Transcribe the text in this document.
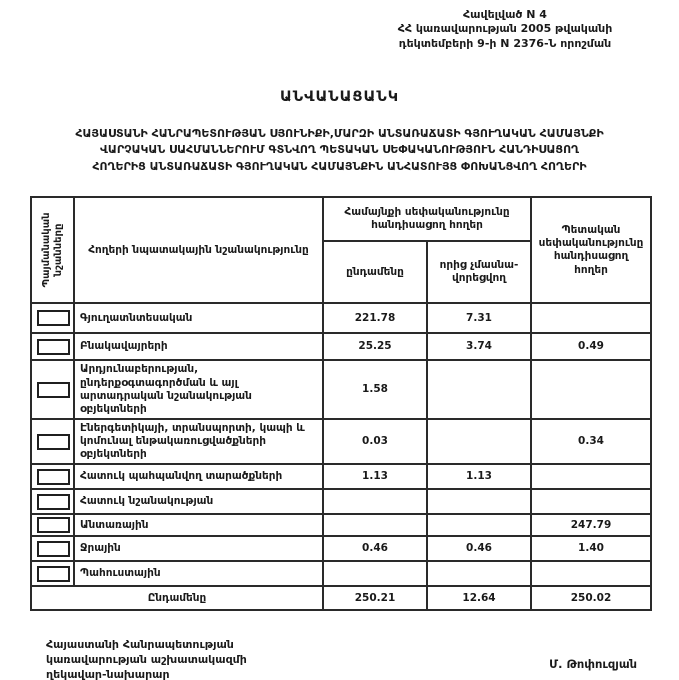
Հավելված N 4
ՀՀ կառավարության 2005 թվականի
դեկտեմբերի 9-ի N 2376-Ն որոշման
ԱՆՎԱՆԱՑԱՆԿ
ՀԱՅԱՍՏԱՆԻ ՀԱՆՐԱՊԵՏՈՒԹՅԱՆ ՍՅՈՒՆԻՔԻ,ՄԱՐԶԻ ԱՆՏԱՌԱՃԱՏԻ ԳՅՈՒՂԱԿԱՆ ՀԱՄԱՅՆՔԻ
ՎԱՐՉԱԿԱՆ ՍԱՀՄԱՆՆԵՐՈՒՄ ԳՏՆՎՈՂ ՊԵՏԱԿԱՆ ՍԵՓԱԿԱՆՈՒԹՅՈՒՆ ՀԱՆԴԻՍԱՑՈՂ
ՀՈՂԵՐԻՑ ԱՆՏԱՌԱՃԱՏԻ ԳՅՈՒՂԱԿԱՆ ՀԱՄԱՅՆՔԻՆ ԱՆՀԱՏՈՒՅՑ ՓՈԽԱՆՑՎՈՂ ՀՈՂԵՐԻ
Պայմանական նշանները	Հողերի նպատակային նշանակությունը	Համայնքի սեփականությունը հանդիսացող հողեր		Պետական սեփականությունը հանդիսացող հողեր
		ընդամենը	որից չմասնա-վորեցվող	

	Գյուղատնտեսական	221.78	7.31	

	Բնակավայրերի	25.25	3.74	0.49

	Արդյունաբերության, ընդերքօգտագործման և այլ արտադրական նշանակության օբյեկտների	1.58		

	Էներգետիկայի, տրանսպորտի, կապի և կոմունալ ենթակառուցվածքների օբյեկտների	0.03		0.34

	Հատուկ պահպանվող տարածքների	1.13	1.13	

	Հատուկ նշանակության			

	Անտառային			247.79

	Ջրային	0.46	0.46	1.40

	Պահուստային			
Ընդամենը		250.21	12.64	250.02
Հայաստանի Հանրապետության
կառավարության աշխատակազմի
ղեկավար-նախարար
Մ. Թոփուզյան
